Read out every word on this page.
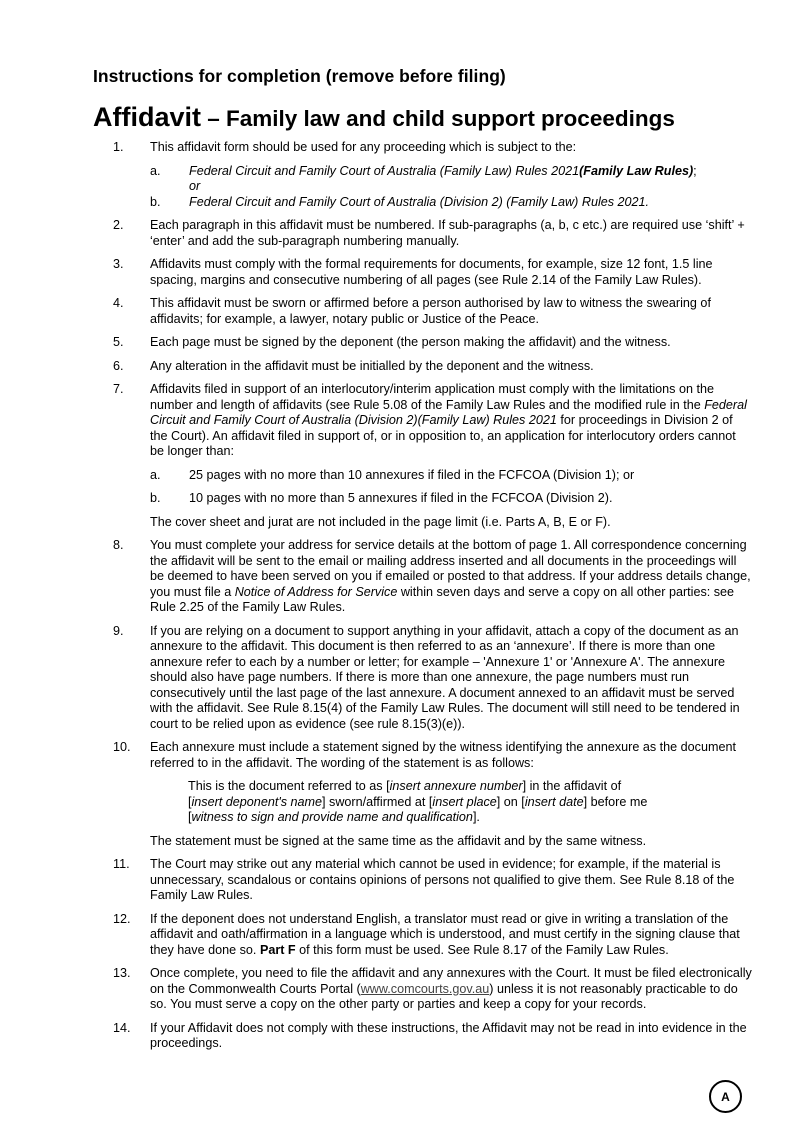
Instructions for completion (remove before filing)
Affidavit – Family law and child support proceedings
1.	This affidavit form should be used for any proceeding which is subject to the:
a.	Federal Circuit and Family Court of Australia (Family Law) Rules 2021(Family Law Rules);
or
b.	Federal Circuit and Family Court of Australia (Division 2) (Family Law) Rules 2021.
2.	Each paragraph in this affidavit must be numbered. If sub-paragraphs (a, b, c etc.) are required use ‘shift’ + ‘enter’ and add the sub-paragraph numbering manually.
3.	Affidavits must comply with the formal requirements for documents, for example, size 12 font, 1.5 line spacing, margins and consecutive numbering of all pages (see Rule 2.14 of the Family Law Rules).
4.	This affidavit must be sworn or affirmed before a person authorised by law to witness the swearing of affidavits; for example, a lawyer, notary public or Justice of the Peace.
5.	Each page must be signed by the deponent (the person making the affidavit) and the witness.
6.	Any alteration in the affidavit must be initialled by the deponent and the witness.
7.	Affidavits filed in support of an interlocutory/interim application must comply with the limitations on the number and length of affidavits (see Rule 5.08 of the Family Law Rules and the modified rule in the Federal Circuit and Family Court of Australia (Division 2)(Family Law) Rules 2021 for proceedings in Division 2 of the Court). An affidavit filed in support of, or in opposition to, an application for interlocutory orders cannot be longer than:
a.	25 pages with no more than 10 annexures if filed in the FCFCOA (Division 1); or
b.	10 pages with no more than 5 annexures if filed in the FCFCOA (Division 2).
The cover sheet and jurat are not included in the page limit (i.e. Parts A, B, E or F).
8.	You must complete your address for service details at the bottom of page 1. All correspondence concerning the affidavit will be sent to the email or mailing address inserted and all documents in the proceedings will be deemed to have been served on you if emailed or posted to that address. If your address details change, you must file a Notice of Address for Service within seven days and serve a copy on all other parties: see Rule 2.25 of the Family Law Rules.
9.	If you are relying on a document to support anything in your affidavit, attach a copy of the document as an annexure to the affidavit. This document is then referred to as an ‘annexure’. If there is more than one annexure refer to each by a number or letter; for example – 'Annexure 1' or 'Annexure A'. The annexure should also have page numbers. If there is more than one annexure, the page numbers must run consecutively until the last page of the last annexure. A document annexed to an affidavit must be served with the affidavit. See Rule 8.15(4) of the Family Law Rules. The document will still need to be tendered in court to be relied upon as evidence (see rule 8.15(3)(e)).
10.	Each annexure must include a statement signed by the witness identifying the annexure as the document referred to in the affidavit. The wording of the statement is as follows:
This is the document referred to as [insert annexure number] in the affidavit of
[insert deponent's name] sworn/affirmed at [insert place] on [insert date] before me
[witness to sign and provide name and qualification].
The statement must be signed at the same time as the affidavit and by the same witness.
11.	The Court may strike out any material which cannot be used in evidence; for example, if the material is unnecessary, scandalous or contains opinions of persons not qualified to give them. See Rule 8.18 of the Family Law Rules.
12.	If the deponent does not understand English, a translator must read or give in writing a translation of the affidavit and oath/affirmation in a language which is understood, and must certify in the signing clause that they have done so. Part F of this form must be used. See Rule 8.17 of the Family Law Rules.
13.	Once complete, you need to file the affidavit and any annexures with the Court. It must be filed electronically on the Commonwealth Courts Portal (www.comcourts.gov.au) unless it is not reasonably practicable to do so. You must serve a copy on the other party or parties and keep a copy for your records.
14.	If your Affidavit does not comply with these instructions, the Affidavit may not be read in into evidence in the proceedings.
A
